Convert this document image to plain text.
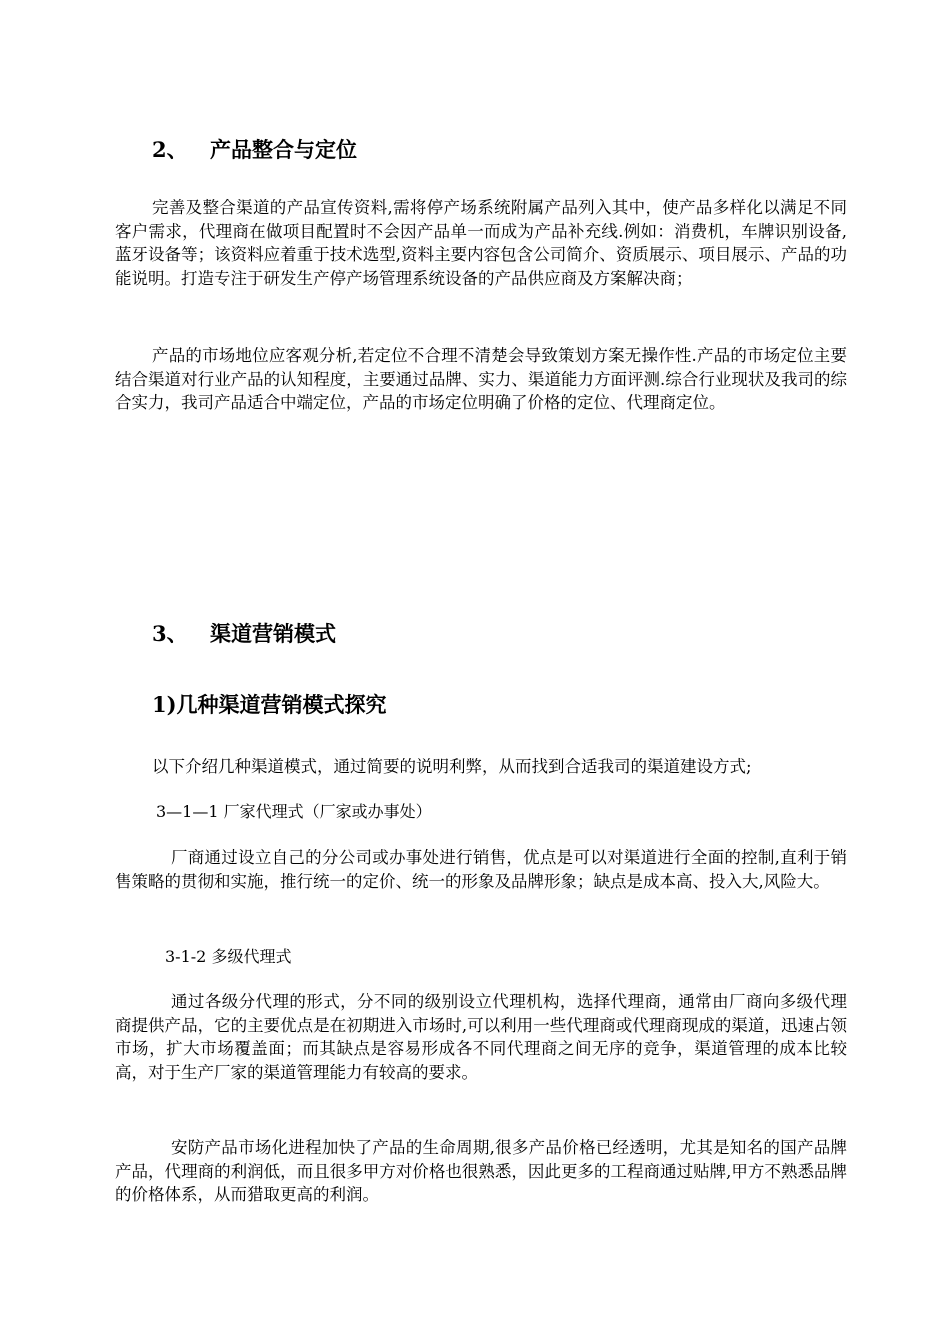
2、 产品整合与定位
完善及整合渠道的产品宣传资料,需将停产场系统附属产品列入其中，使产品多样化以满足不同客户需求，代理商在做项目配置时不会因产品单一而成为产品补充线.例如：消费机，车牌识别设备,蓝牙设备等；该资料应着重于技术选型,资料主要内容包含公司简介、资质展示、项目展示、产品的功能说明。打造专注于研发生产停产场管理系统设备的产品供应商及方案解决商；
产品的市场地位应客观分析,若定位不合理不清楚会导致策划方案无操作性.产品的市场定位主要结合渠道对行业产品的认知程度，主要通过品牌、实力、渠道能力方面评测.综合行业现状及我司的综合实力，我司产品适合中端定位，产品的市场定位明确了价格的定位、代理商定位。
3、 渠道营销模式
1)几种渠道营销模式探究
以下介绍几种渠道模式，通过简要的说明利弊，从而找到合适我司的渠道建设方式;
3—1—1 厂家代理式（厂家或办事处）
厂商通过设立自己的分公司或办事处进行销售，优点是可以对渠道进行全面的控制,直利于销售策略的贯彻和实施，推行统一的定价、统一的形象及品牌形象；缺点是成本高、投入大,风险大。
3-1-2 多级代理式
通过各级分代理的形式，分不同的级别设立代理机构，选择代理商，通常由厂商向多级代理商提供产品，它的主要优点是在初期进入市场时,可以利用一些代理商或代理商现成的渠道，迅速占领市场，扩大市场覆盖面；而其缺点是容易形成各不同代理商之间无序的竞争，渠道管理的成本比较高，对于生产厂家的渠道管理能力有较高的要求。
安防产品市场化进程加快了产品的生命周期,很多产品价格已经透明，尤其是知名的国产品牌产品，代理商的利润低，而且很多甲方对价格也很熟悉，因此更多的工程商通过贴牌,甲方不熟悉品牌的价格体系，从而猎取更高的利润。
